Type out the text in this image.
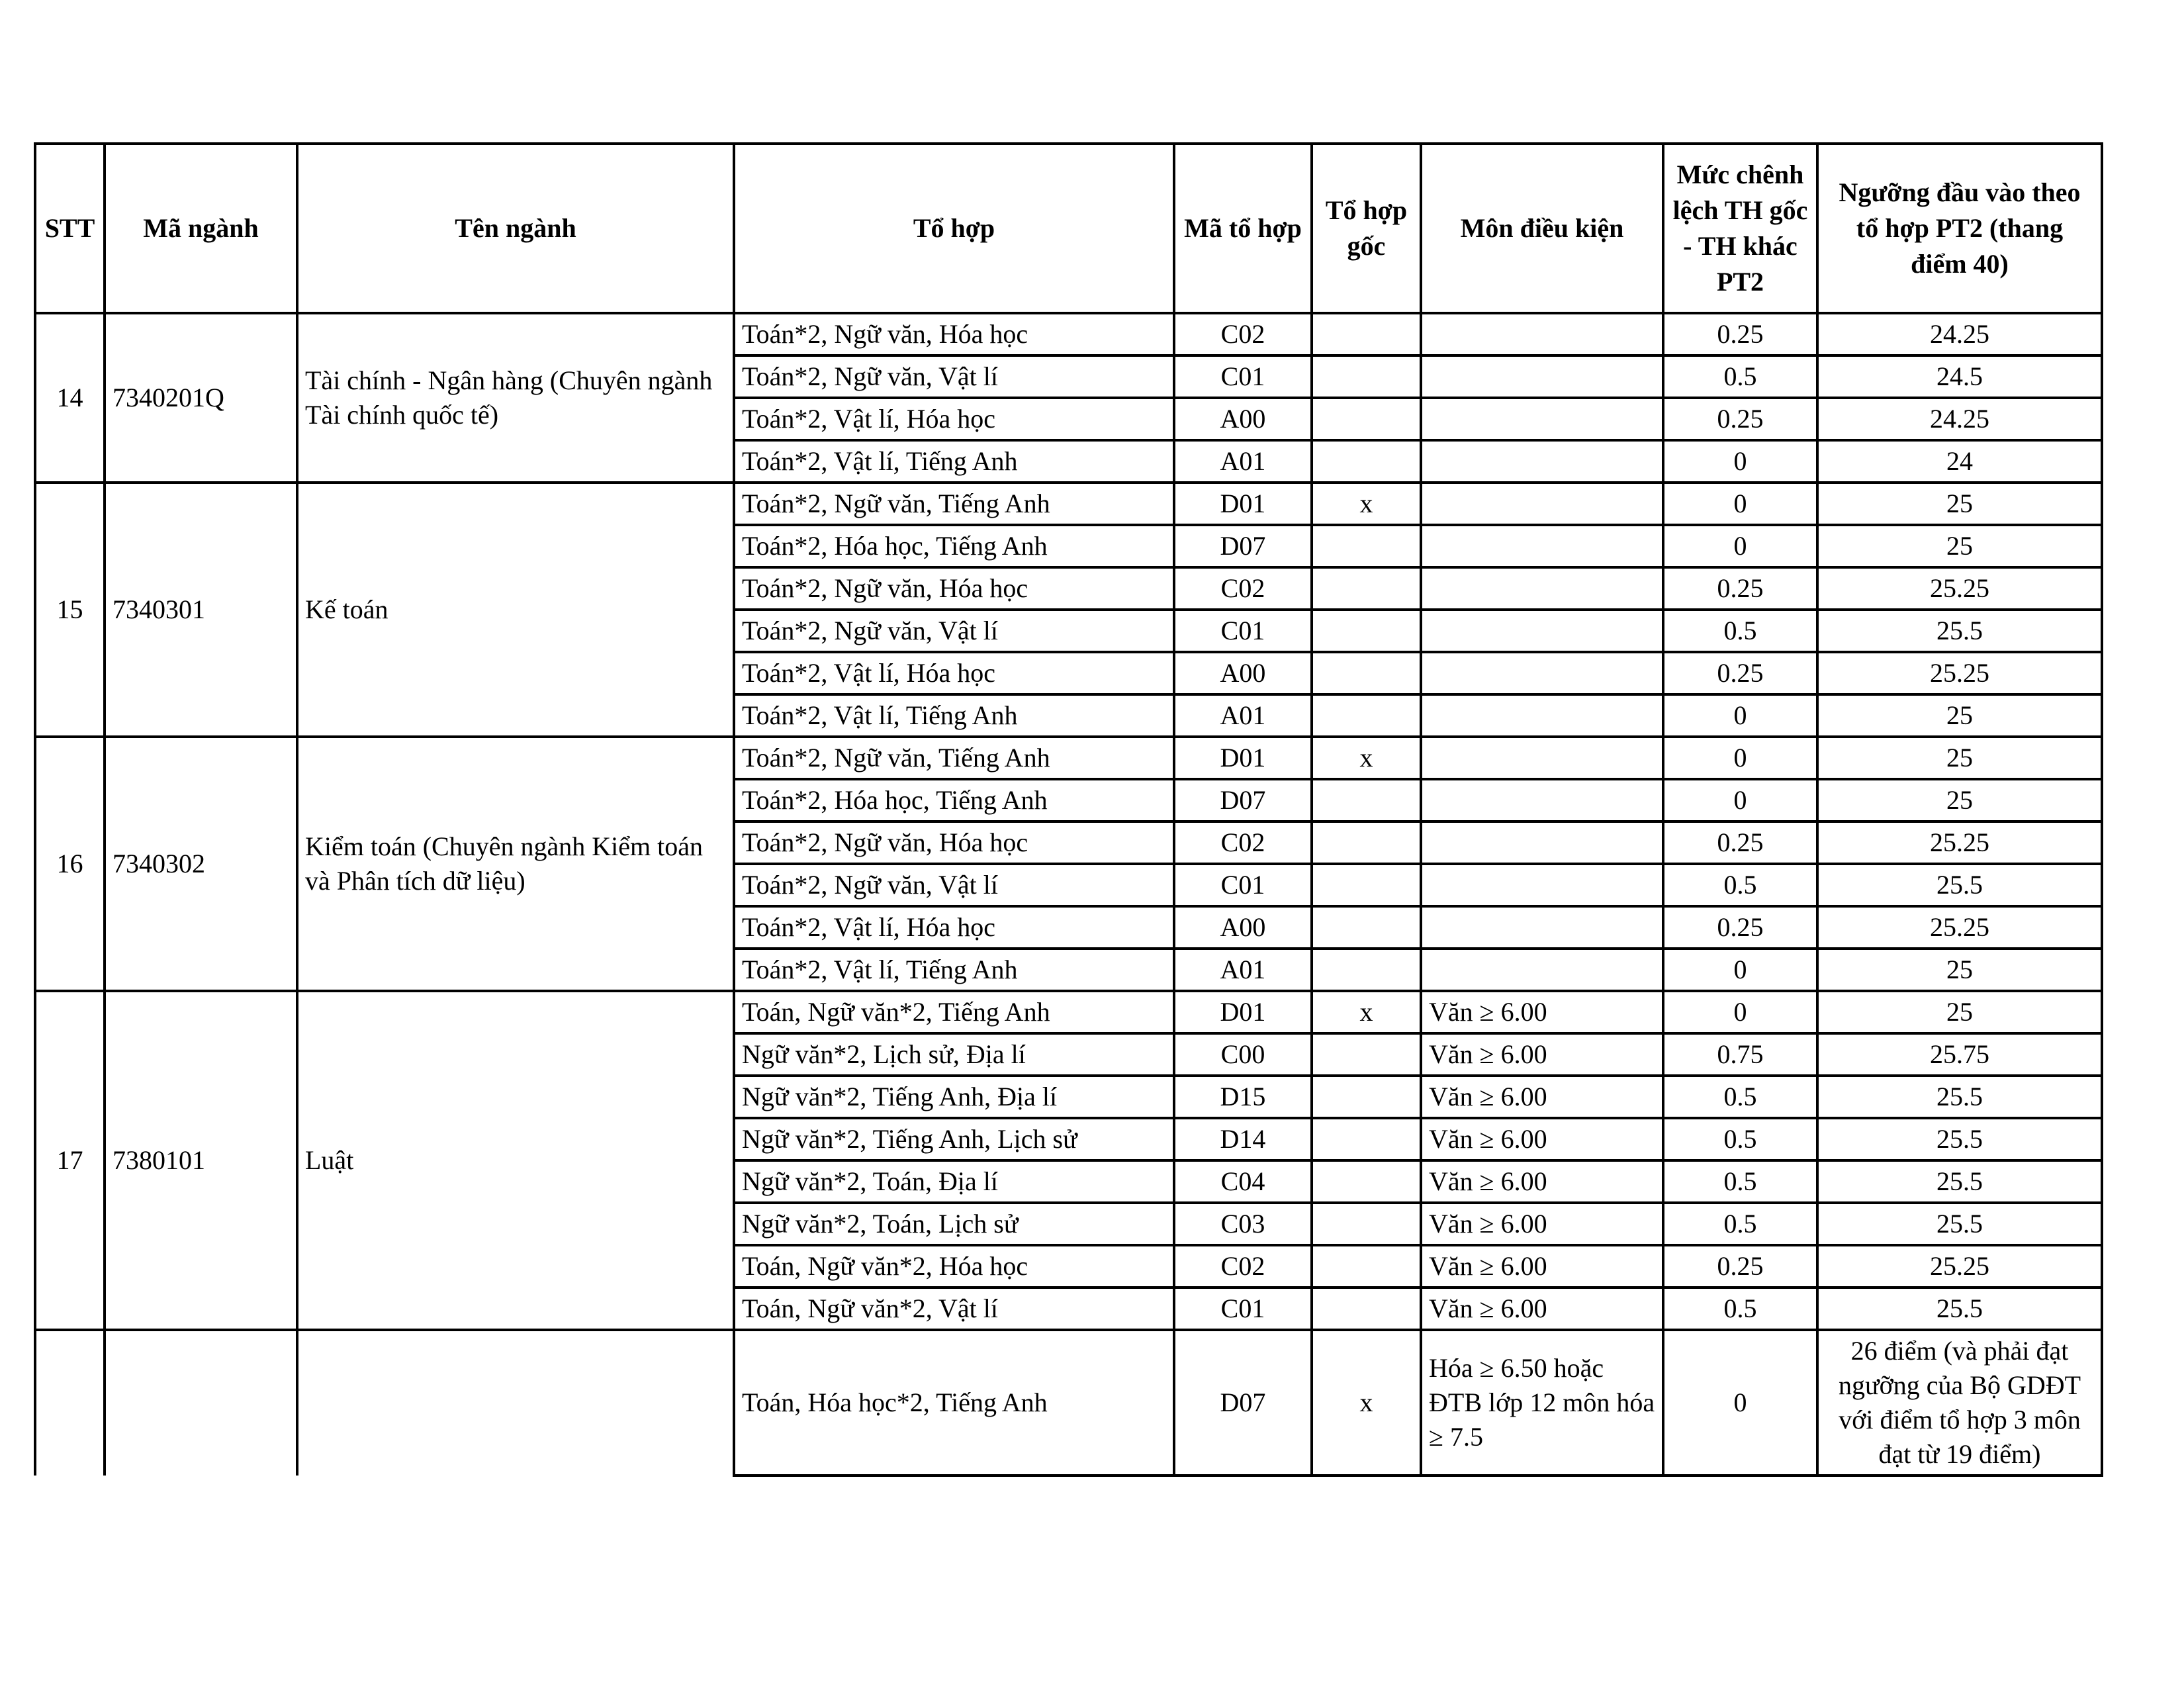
STT	Mã ngành	Tên ngành	Tổ hợp	Mã tổ hợp	Tổ hợp gốc	Môn điều kiện	Mức chênh lệch TH gốc - TH khác PT2	Ngưỡng đầu vào theo tổ hợp PT2 (thang điểm 40)
14	7340201Q	Tài chính - Ngân hàng (Chuyên ngành Tài chính quốc tế)	Toán*2, Ngữ văn, Hóa học	C02			0.25	24.25
			Toán*2, Ngữ văn, Vật lí	C01			0.5	24.5
			Toán*2, Vật lí, Hóa học	A00			0.25	24.25
			Toán*2, Vật lí, Tiếng Anh	A01			0	24
15	7340301	Kế toán	Toán*2, Ngữ văn, Tiếng Anh	D01	x		0	25
			Toán*2, Hóa học, Tiếng Anh	D07			0	25
			Toán*2, Ngữ văn, Hóa học	C02			0.25	25.25
			Toán*2, Ngữ văn, Vật lí	C01			0.5	25.5
			Toán*2, Vật lí, Hóa học	A00			0.25	25.25
			Toán*2, Vật lí, Tiếng Anh	A01			0	25
16	7340302	Kiểm toán (Chuyên ngành Kiểm toán và Phân tích dữ liệu)	Toán*2, Ngữ văn, Tiếng Anh	D01	x		0	25
			Toán*2, Hóa học, Tiếng Anh	D07			0	25
			Toán*2, Ngữ văn, Hóa học	C02			0.25	25.25
			Toán*2, Ngữ văn, Vật lí	C01			0.5	25.5
			Toán*2, Vật lí, Hóa học	A00			0.25	25.25
			Toán*2, Vật lí, Tiếng Anh	A01			0	25
17	7380101	Luật	Toán, Ngữ văn*2, Tiếng Anh	D01	x	Văn ≥ 6.00	0	25
			Ngữ văn*2, Lịch sử, Địa lí	C00		Văn ≥ 6.00	0.75	25.75
			Ngữ văn*2, Tiếng Anh, Địa lí	D15		Văn ≥ 6.00	0.5	25.5
			Ngữ văn*2, Tiếng Anh, Lịch sử	D14		Văn ≥ 6.00	0.5	25.5
			Ngữ văn*2, Toán, Địa lí	C04		Văn ≥ 6.00	0.5	25.5
			Ngữ văn*2, Toán, Lịch sử	C03		Văn ≥ 6.00	0.5	25.5
			Toán, Ngữ văn*2, Hóa học	C02		Văn ≥ 6.00	0.25	25.25
			Toán, Ngữ văn*2, Vật lí	C01		Văn ≥ 6.00	0.5	25.5
			Toán, Hóa học*2, Tiếng Anh	D07	x	Hóa ≥ 6.50 hoặc ĐTB lớp 12 môn hóa ≥ 7.5	0	26 điểm (và phải đạt ngưỡng của Bộ GDĐT với điểm tổ hợp 3 môn đạt từ 19 điểm)
